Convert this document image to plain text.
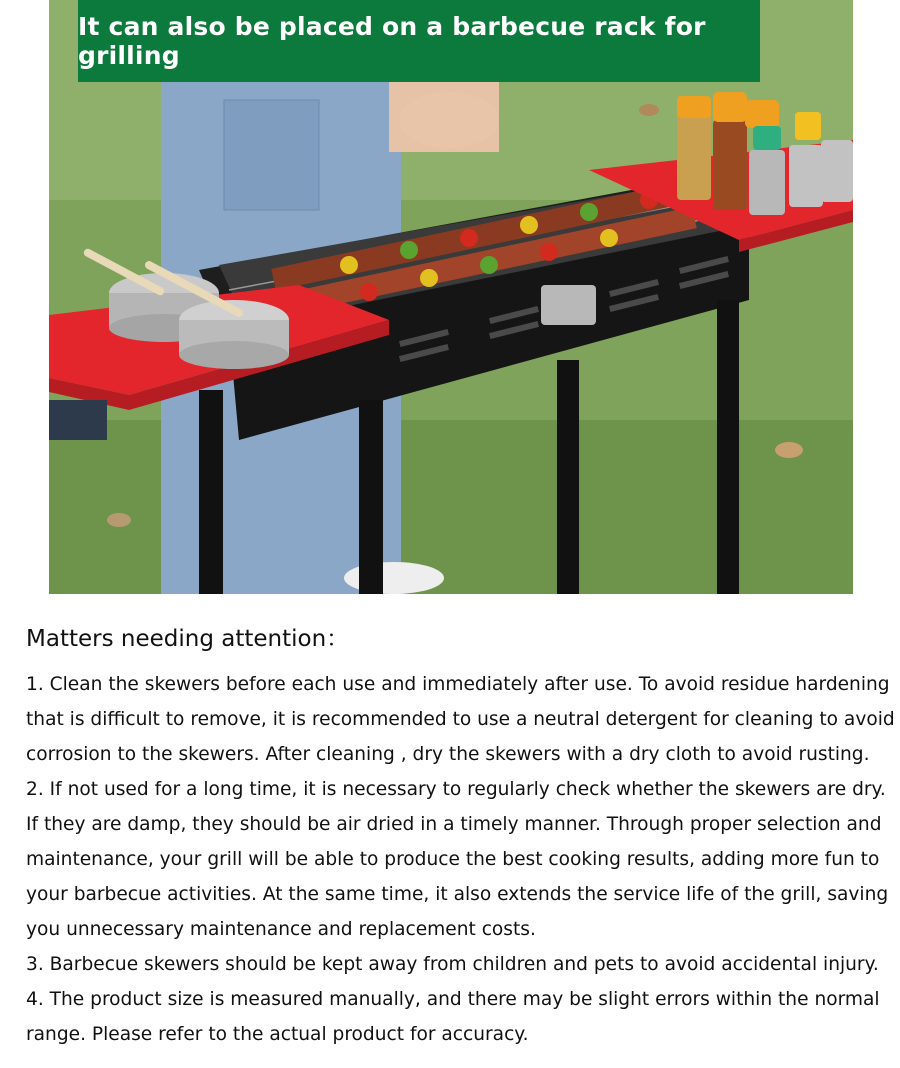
It can also be placed on a barbecue rack for grilling
Matters needing attention：

1. Clean the skewers before each use and immediately after use. To avoid residue hardening

that is difficult to remove, it is recommended to use a neutral detergent for cleaning to avoid

corrosion to the skewers. After cleaning , dry the skewers with a dry cloth to avoid rusting.

2. If not used for a long time, it is necessary to regularly check whether the skewers are dry.

If they are damp, they should be air dried in a timely manner. Through proper selection and

maintenance, your grill will be able to produce the best cooking results, adding more fun to

your barbecue activities. At the same time, it also extends the service life of the grill, saving

you unnecessary maintenance and replacement costs.

3. Barbecue skewers should be kept away from children and pets to avoid accidental injury.

4. The product size is measured manually, and there may be slight errors within the normal

range. Please refer to the actual product for accuracy.
